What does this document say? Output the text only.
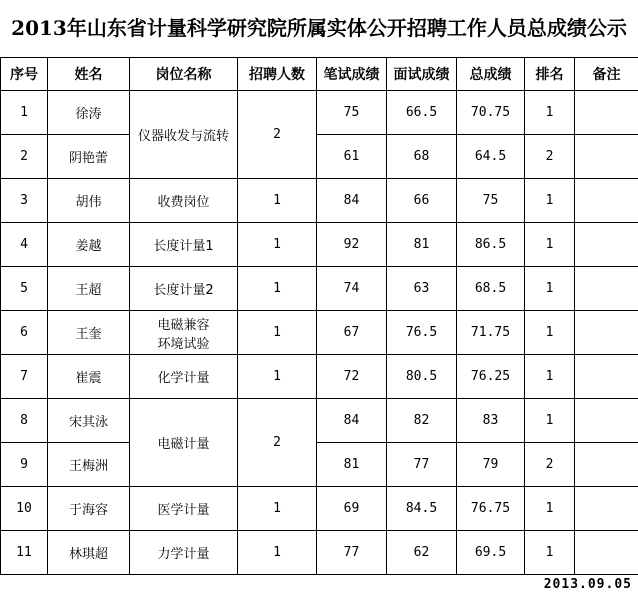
2013年山东省计量科学研究院所属实体公开招聘工作人员总成绩公示
序号	姓名	岗位名称	招聘人数	笔试成绩	面试成绩	总成绩	排名	备注
1	徐涛	仪器收发与流转	2	75	66.5	70.75	1	
2	阴艳蕾			61	68	64.5	2	
3	胡伟	收费岗位	1	84	66	75	1	
4	姜越	长度计量1	1	92	81	86.5	1	
5	王超	长度计量2	1	74	63	68.5	1	
6	王奎	电磁兼容
环境试验	1	67	76.5	71.75	1	
7	崔震	化学计量	1	72	80.5	76.25	1	
8	宋其泳	电磁计量	2	84	82	83	1	
9	王梅洲			81	77	79	2	
10	于海容	医学计量	1	69	84.5	76.75	1	
11	林琪超	力学计量	1	77	62	69.5	1	
2013.09.05
